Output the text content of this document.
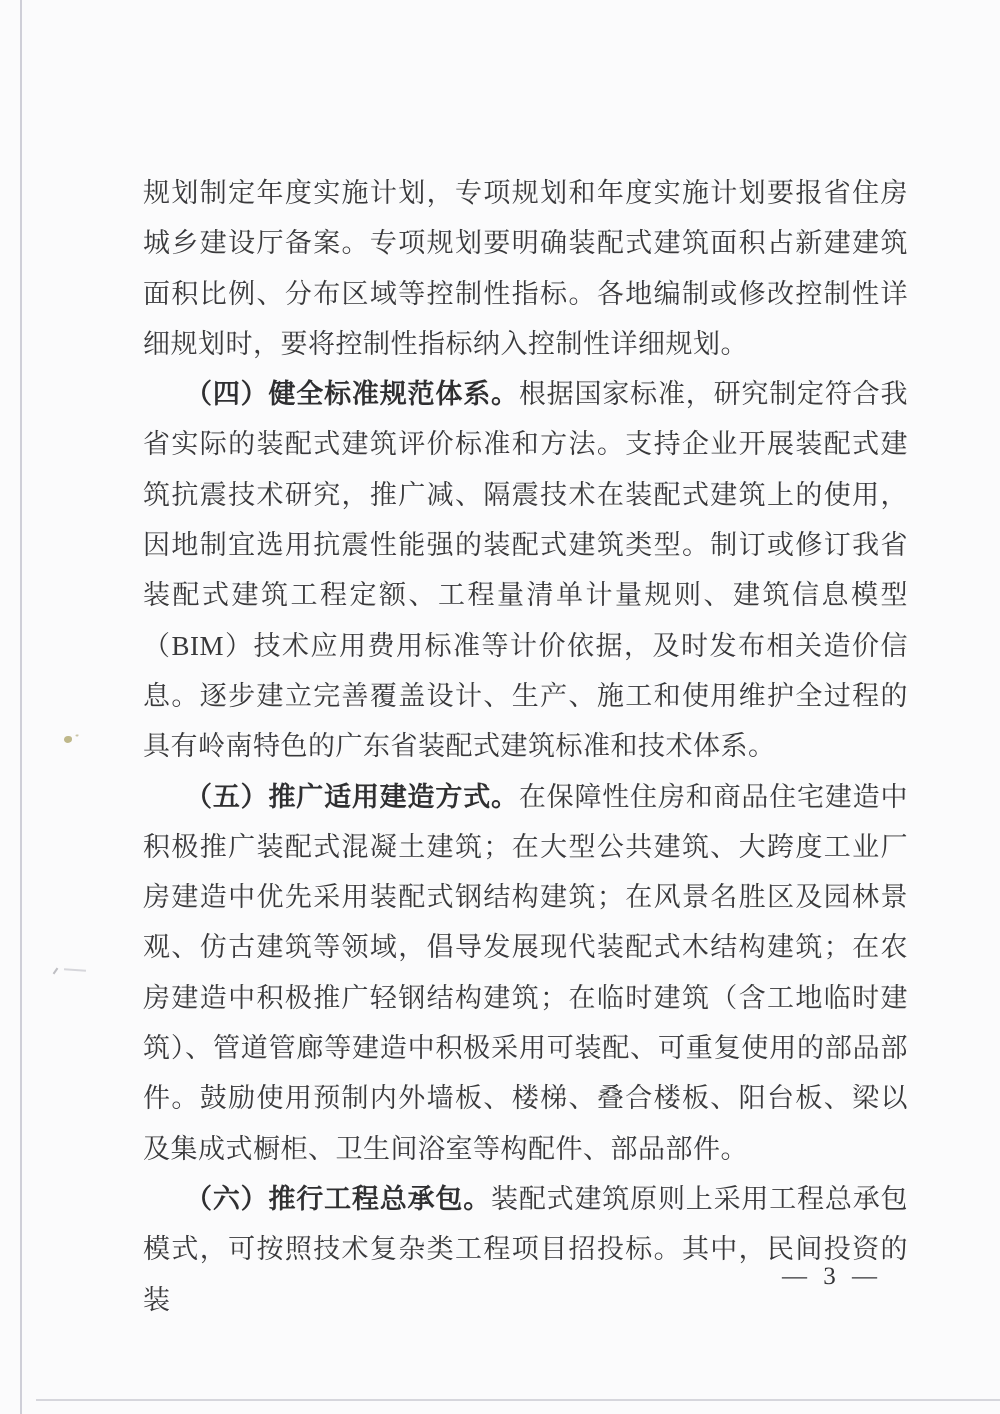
规划制定年度实施计划，专项规划和年度实施计划要报省住房城乡建设厅备案。专项规划要明确装配式建筑面积占新建建筑面积比例、分布区域等控制性指标。各地编制或修改控制性详细规划时，要将控制性指标纳入控制性详细规划。

（四）健全标准规范体系。根据国家标准，研究制定符合我省实际的装配式建筑评价标准和方法。支持企业开展装配式建筑抗震技术研究，推广减、隔震技术在装配式建筑上的使用，因地制宜选用抗震性能强的装配式建筑类型。制订或修订我省装配式建筑工程定额、工程量清单计量规则、建筑信息模型（BIM）技术应用费用标准等计价依据，及时发布相关造价信息。逐步建立完善覆盖设计、生产、施工和使用维护全过程的具有岭南特色的广东省装配式建筑标准和技术体系。

（五）推广适用建造方式。在保障性住房和商品住宅建造中积极推广装配式混凝土建筑；在大型公共建筑、大跨度工业厂房建造中优先采用装配式钢结构建筑；在风景名胜区及园林景观、仿古建筑等领域，倡导发展现代装配式木结构建筑；在农房建造中积极推广轻钢结构建筑；在临时建筑（含工地临时建筑）、管道管廊等建造中积极采用可装配、可重复使用的部品部件。鼓励使用预制内外墙板、楼梯、叠合楼板、阳台板、梁以及集成式橱柜、卫生间浴室等构配件、部品部件。

（六）推行工程总承包。装配式建筑原则上采用工程总承包模式，可按照技术复杂类工程项目招投标。其中，民间投资的装

— 3 —
